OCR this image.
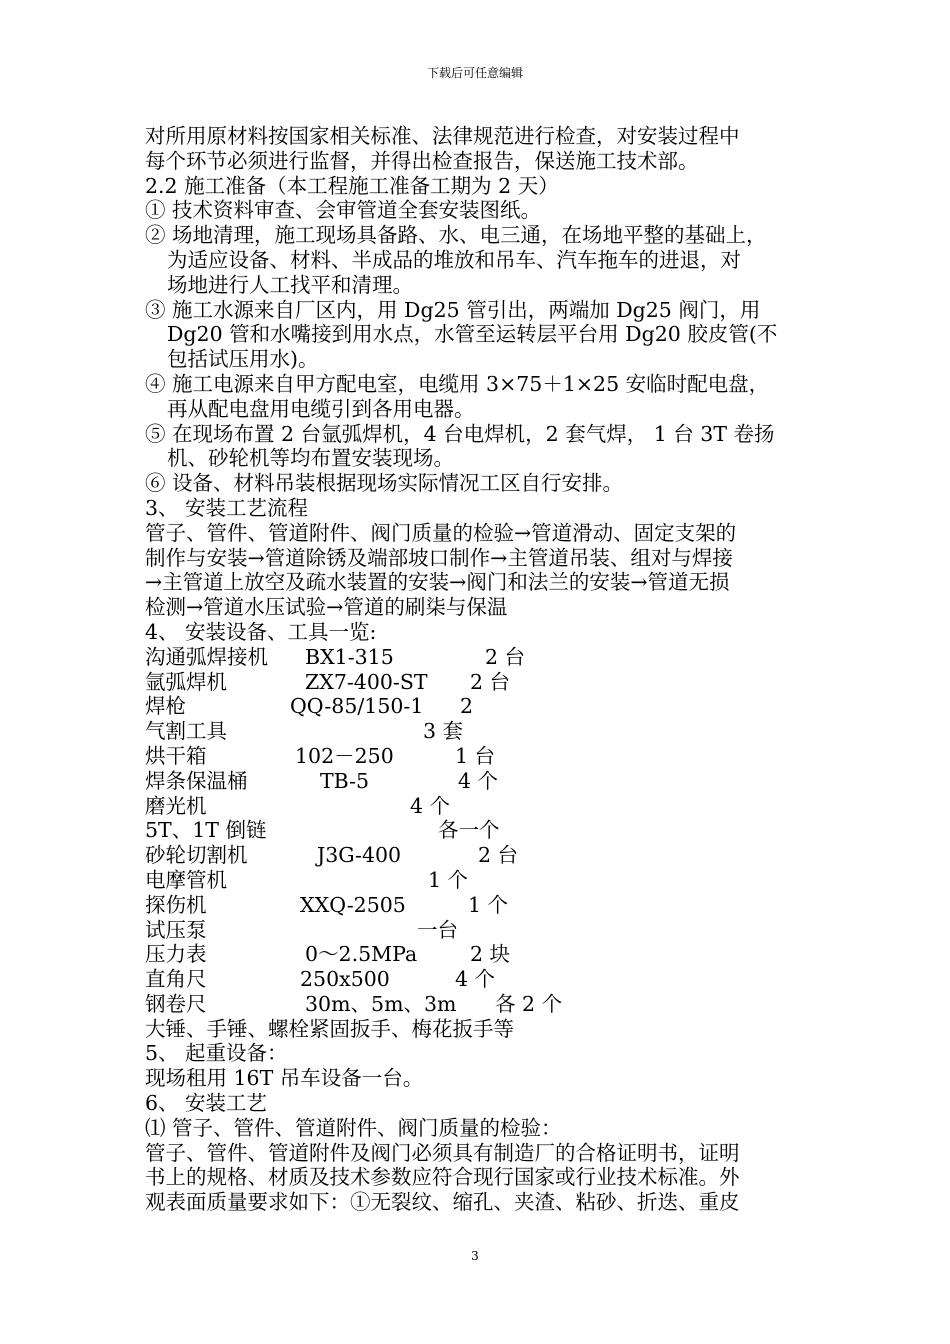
下载后可任意编辑
对所用原材料按国家相关标准、法律规范进行检查，对安装过程中
每个环节必须进行监督，并得出检查报告，保送施工技术部。
2.2 施工准备（本工程施工准备工期为 2 天）
① 技术资料审查、会审管道全套安装图纸。
② 场地清理，施工现场具备路、水、电三通，在场地平整的基础上，
为适应设备、材料、半成品的堆放和吊车、汽车拖车的进退，对
场地进行人工找平和清理。
③ 施工水源来自厂区内，用 Dg25 管引出，两端加 Dg25 阀门，用
Dg20 管和水嘴接到用水点，水管至运转层平台用 Dg20 胶皮管(不
包括试压用水)。
④ 施工电源来自甲方配电室，电缆用 3×75＋1×25 安临时配电盘，
再从配电盘用电缆引到各用电器。
⑤ 在现场布置 2 台氩弧焊机，4 台电焊机，2 套气焊， 1 台 3T 卷扬
机、砂轮机等均布置安装现场。
⑥ 设备、材料吊装根据现场实际情况工区自行安排。
3、 安装工艺流程
管子、管件、管道附件、阀门质量的检验→管道滑动、固定支架的
制作与安装→管道除锈及端部坡口制作→主管道吊装、组对与焊接
→主管道上放空及疏水装置的安装→阀门和法兰的安装→管道无损
检测→管道水压试验→管道的刷柒与保温
4、 安装设备、工具一览:
沟通弧焊接机 BX1-315	2 台
氩弧焊机	ZX7-400-ST 2 台
焊枪	QQ-85/150-1 2
气割工具	3 套
烘干箱	102－250	1 台
焊条保温桶	TB-5	4 个
磨光机	4 个
5T、1T 倒链	各一个
砂轮切割机	J3G-400	2 台
电摩管机	1 个
探伤机	XXQ-2505	1 个
试压泵	一台
压力表	0～2.5MPa	2 块
直角尺	250x500	4 个
钢卷尺	30m、5m、3m 各 2 个
大锤、手锤、螺栓紧固扳手、梅花扳手等
5、 起重设备：
现场租用 16T 吊车设备一台。
6、 安装工艺
⑴ 管子、管件、管道附件、阀门质量的检验：
管子、管件、管道附件及阀门必须具有制造厂的合格证明书，证明
书上的规格、材质及技术参数应符合现行国家或行业技术标准。外
观表面质量要求如下：①无裂纹、缩孔、夹渣、粘砂、折迭、重皮
3
